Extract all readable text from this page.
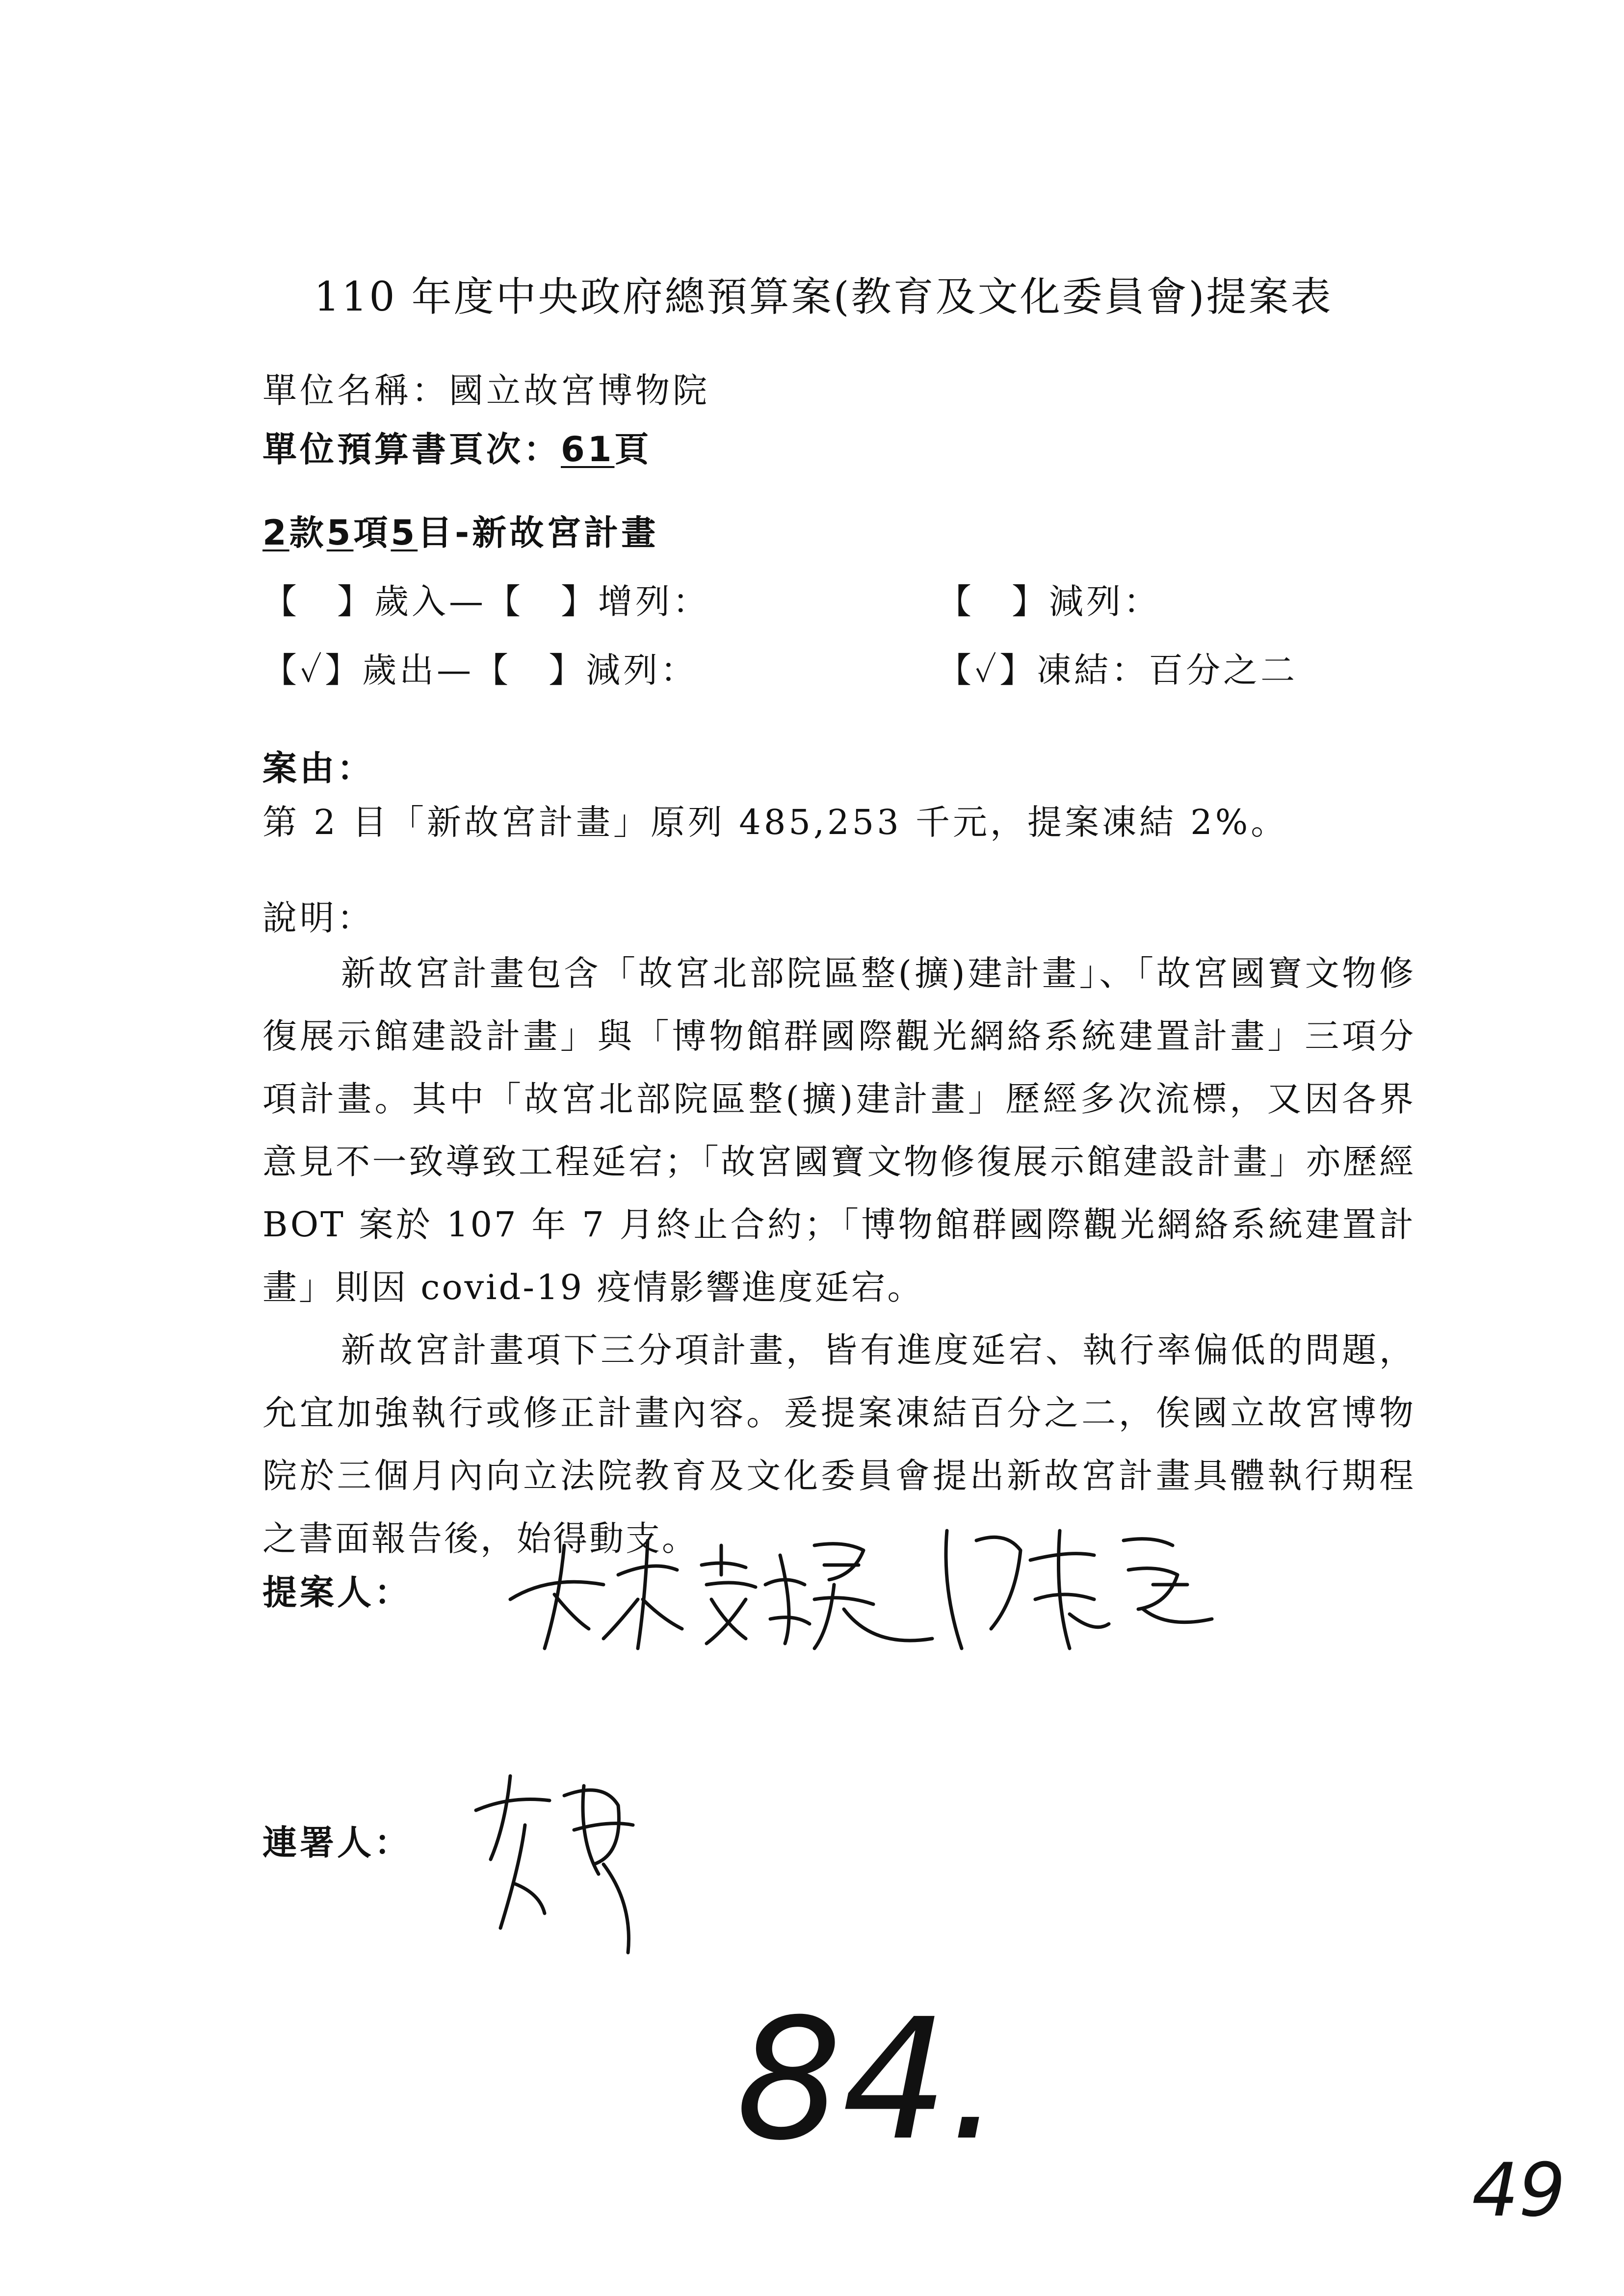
110 年度中央政府總預算案(教育及文化委員會)提案表
單位名稱：國立故宮博物院
單位預算書頁次：61頁
2款5項5目-新故宮計畫
【　】歲入—【　】增列：	【　】減列：
【✓】歲出—【　】減列：	【✓】凍結：百分之二
案由：
第 2 目「新故宮計畫」原列 485,253 千元，提案凍結 2%。
說明：

新故宮計畫包含「故宮北部院區整(擴)建計畫」、「故宮國寶文物修復展示館建設計畫」與「博物館群國際觀光網絡系統建置計畫」三項分項計畫。其中「故宮北部院區整(擴)建計畫」歷經多次流標，又因各界意見不一致導致工程延宕；「故宮國寶文物修復展示館建設計畫」亦歷經 BOT 案於 107 年 7 月終止合約；「博物館群國際觀光網絡系統建置計畫」則因 covid-19 疫情影響進度延宕。

新故宮計畫項下三分項計畫，皆有進度延宕、執行率偏低的問題，允宜加強執行或修正計畫內容。爰提案凍結百分之二，俟國立故宮博物院於三個月內向立法院教育及文化委員會提出新故宮計畫具體執行期程之書面報告後，始得動支。

提案人：
連署人：
84.
49
